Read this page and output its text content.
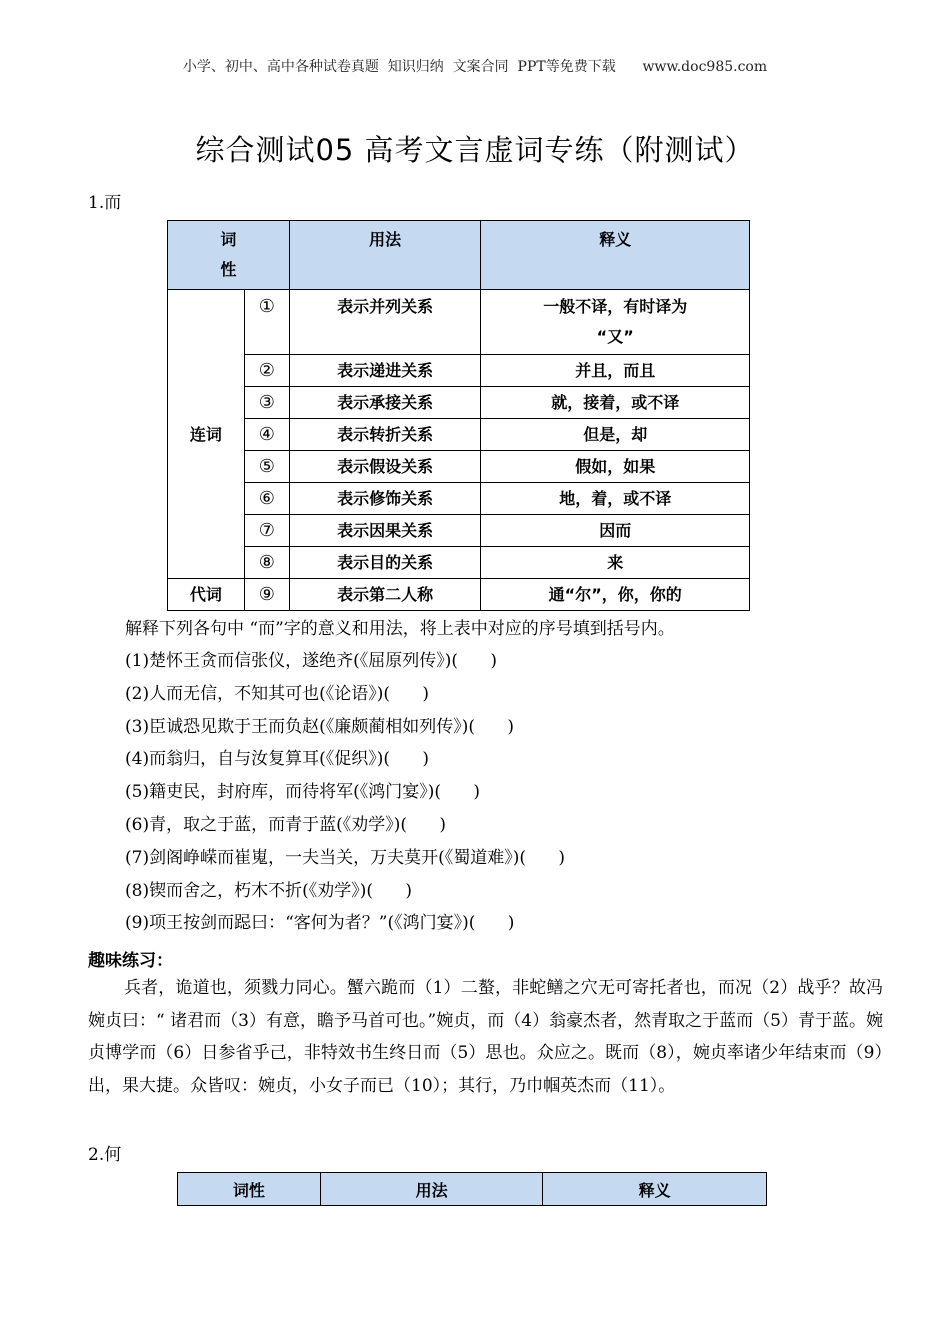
小学、初中、高中各种试卷真题  知识归纳  文案合同  PPT等免费下载      www.doc985.com
综合测试05 高考文言虚词专练（附测试）
1.而
词
性		用法	释义
连词	①	表示并列关系	一般不译，有时译为
“又”
	②	表示递进关系	并且，而且
	③	表示承接关系	就，接着，或不译
	④	表示转折关系	但是，却
	⑤	表示假设关系	假如，如果
	⑥	表示修饰关系	地，着，或不译
	⑦	表示因果关系	因而
	⑧	表示目的关系	来
代词	⑨	表示第二人称	通“尔”，你，你的
解释下列各句中 “而”字的意义和用法，将上表中对应的序号填到括号内。
(1)楚怀王贪而信张仪，遂绝齐(《屈原列传》)(      )
(2)人而无信，不知其可也(《论语》)(      )
(3)臣诚恐见欺于王而负赵(《廉颇蔺相如列传》)(      )
(4)而翁归，自与汝复算耳(《促织》)(      )
(5)籍吏民，封府库，而待将军(《鸿门宴》)(      )
(6)青，取之于蓝，而青于蓝(《劝学》)(      )
(7)剑阁峥嵘而崔嵬，一夫当关，万夫莫开(《蜀道难》)(      )
(8)锲而舍之，朽木不折(《劝学》)(      )
(9)项王按剑而跽曰：“客何为者？”(《鸿门宴》)(      )
趣味练习：
兵者，诡道也，须戮力同心。蟹六跪而（1）二螯，非蛇鳝之穴无可寄托者也，而况（2）战乎？故冯婉贞曰：“ 诸君而（3）有意，瞻予马首可也。”婉贞，而（4）翁豪杰者，然青取之于蓝而（5）青于蓝。婉贞博学而（6）日参省乎己，非特效书生终日而（5）思也。众应之。既而（8），婉贞率诸少年结束而（9）出，果大捷。众皆叹：婉贞，小女子而已（10）；其行，乃巾帼英杰而（11）。
2.何
词性	用法	释义
